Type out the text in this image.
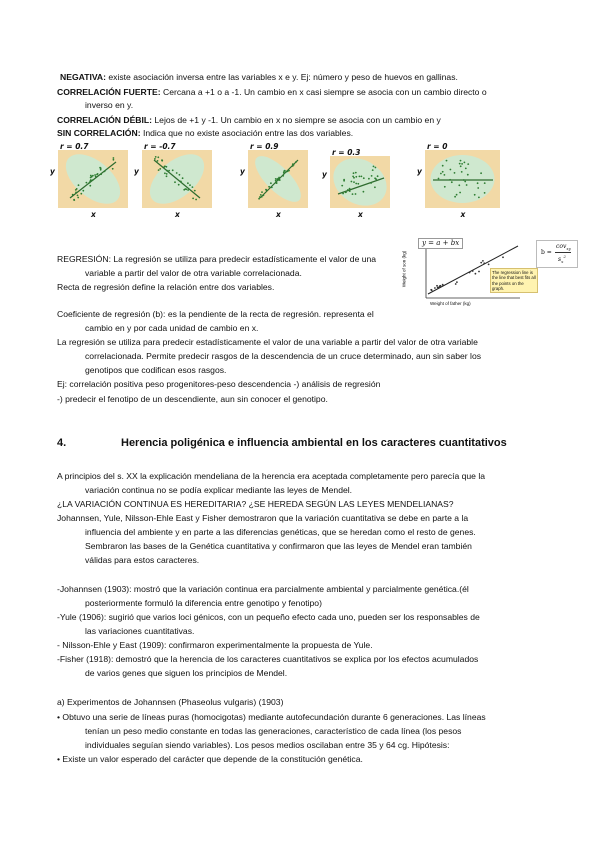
NEGATIVA: existe asociación inversa entre las variables x e y. Ej: número y peso de huevos en gallinas.
CORRELACIÓN FUERTE: Cercana a +1 o a -1. Un cambio en x casi siempre se asocia con un cambio directo o
inverso en y.
CORRELACIÓN DÉBIL: Lejos de +1 y -1. Un cambio en x no siempre se asocia con un cambio en y
SIN CORRELACIÓN: Indica que no existe asociación entre las dos variables.
r = 0.7
y
x
r = -0.7
y
x
r = 0.9
y
x
r = 0.3
y
x
r = 0
y
x
REGRESIÓN: La regresión se utiliza para predecir estadísticamente el valor de una
variable a partir del valor de otra variable correlacionada.
Recta de regresión define la relación entre dos variables.
Coeficiente de regresión (b): es la pendiente de la recta de regresión. representa el
cambio en y por cada unidad de cambio en x.
La regresión se utiliza para predecir estadísticamente el valor de una variable a partir del valor de otra variable
correlacionada. Permite predecir rasgos de la descendencia de un cruce determinado, aun sin saber los
genotipos que codifican esos rasgos.
Ej: correlación positiva peso progenitores-peso descendencia -) análisis de regresión
-) predecir el fenotipo de un descendiente, aun sin conocer el genotipo.
y = a + bx
Weight of son (kg)
Weight of father (kg)
The regression line is the line that best fits all the points on the graph.
b =
cov$_{xy}$
$s_x^2$
4.	Herencia poligénica e influencia ambiental en los caracteres cuantitativos
A principios del s. XX la explicación mendeliana de la herencia era aceptada completamente pero parecía que la
variación continua no se podía explicar mediante las leyes de Mendel.
¿LA VARIACIÓN CONTINUA ES HEREDITARIA? ¿SE HEREDA SEGÚN LAS LEYES MENDELIANAS?
Johannsen, Yule, Nilsson-Ehle East y Fisher demostraron que la variación cuantitativa se debe en parte a la
influencia del ambiente y en parte a las diferencias genéticas, que se heredan como el resto de genes.
Sembraron las bases de la Genética cuantitativa y confirmaron que las leyes de Mendel eran también
válidas para estos caracteres.
-Johannsen (1903): mostró que la variación continua era parcialmente ambiental y parcialmente genética.(él
posteriormente formuló la diferencia entre genotipo y fenotipo)
-Yule (1906): sugirió que varios loci génicos, con un pequeño efecto cada uno, pueden ser los responsables de
las variaciones cuantitativas.
- Nilsson-Ehle y East (1909): confirmaron experimentalmente la propuesta de Yule.
-Fisher (1918): demostró que la herencia de los caracteres cuantitativos se explica por los efectos acumulados
de varios genes que siguen los principios de Mendel.
a) Experimentos de Johannsen (Phaseolus vulgaris) (1903)
• Obtuvo una serie de líneas puras (homocigotas) mediante autofecundación durante 6 generaciones. Las líneas
tenían un peso medio constante en todas las generaciones, característico de cada línea (los pesos
individuales seguían siendo variables). Los pesos medios oscilaban entre 35 y 64 cg. Hipótesis:
• Existe un valor esperado del carácter que depende de la constitución genética.
